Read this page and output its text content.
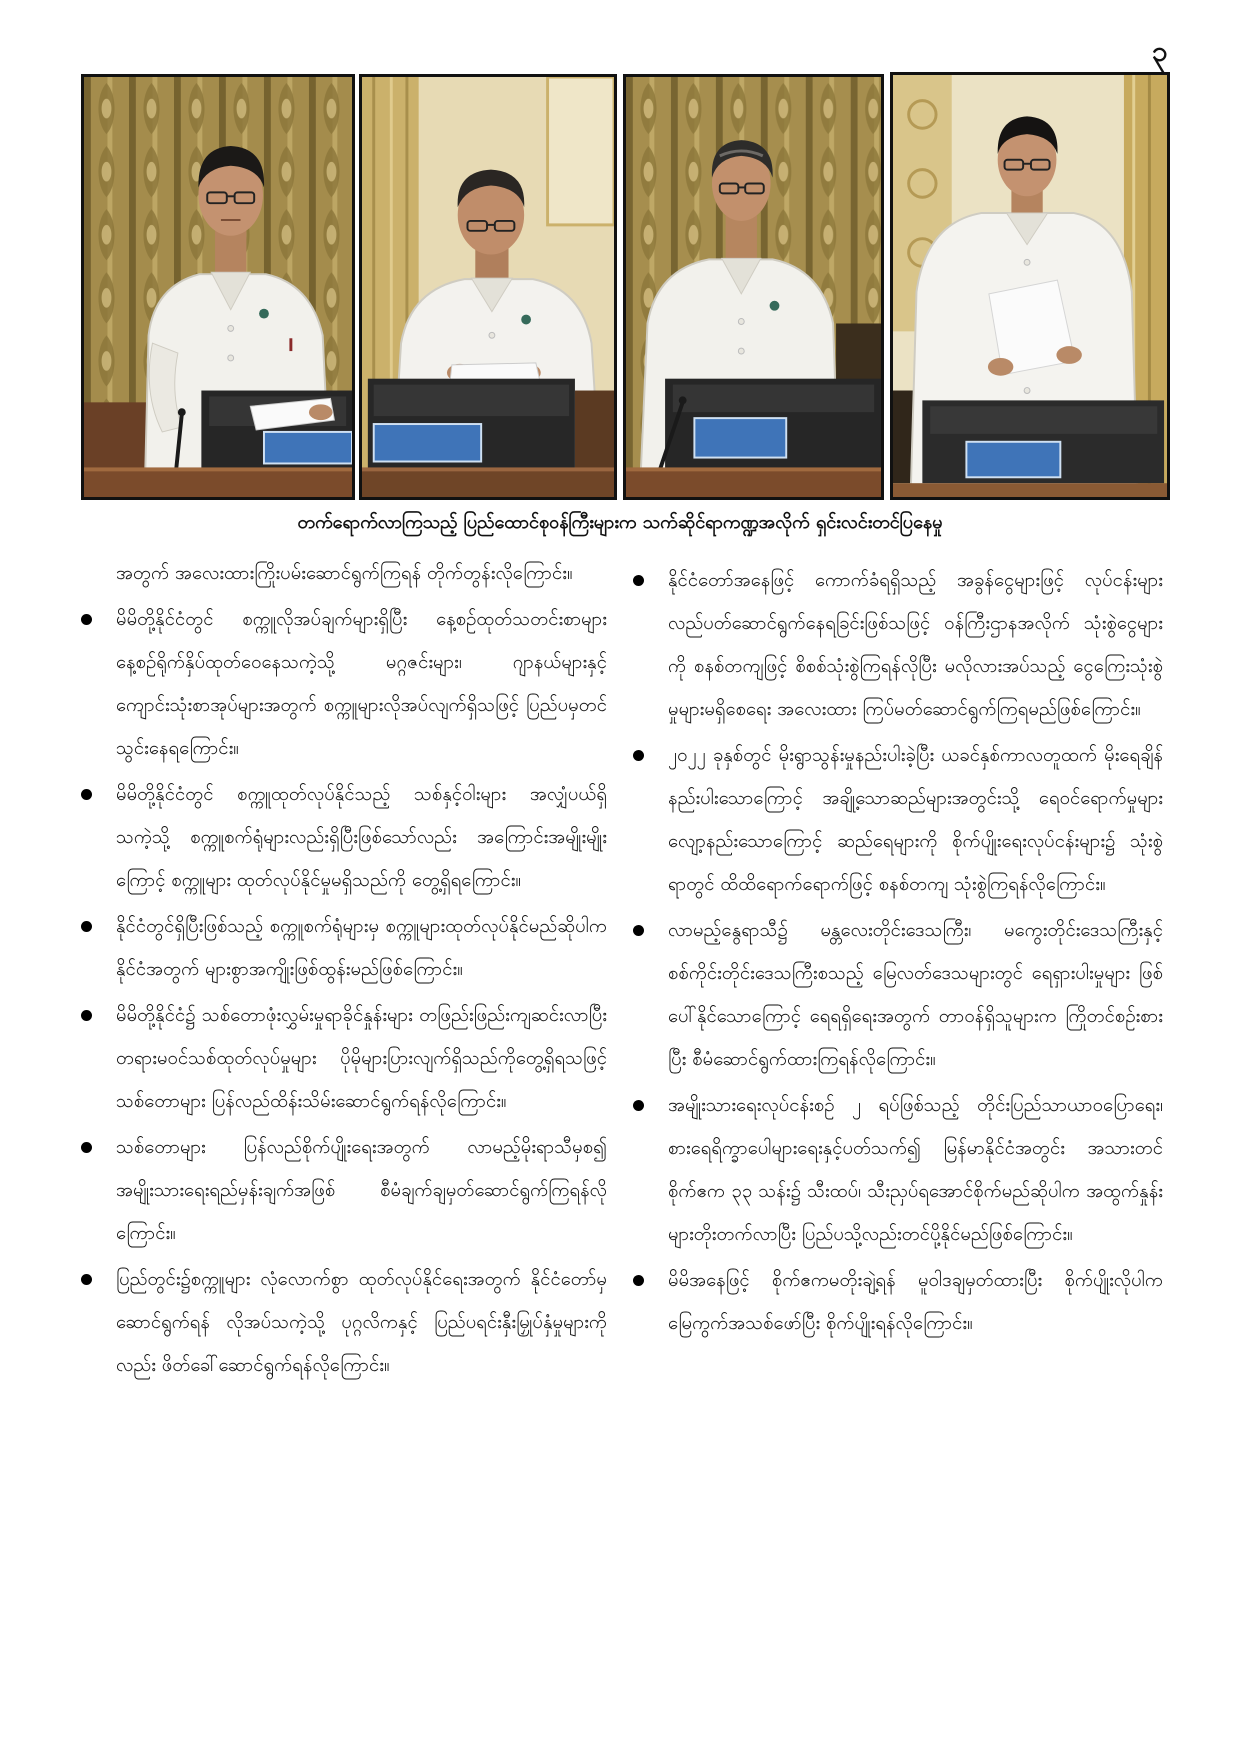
၃
တက်ရောက်လာကြသည့် ပြည်ထောင်စုဝန်ကြီးများက သက်ဆိုင်ရာကဏ္ဍအလိုက် ရှင်းလင်းတင်ပြနေမှု
အတွက် အလေးထားကြိုးပမ်းဆောင်ရွက်ကြရန် တိုက်တွန်းလိုကြောင်း။
မိမိတို့နိုင်ငံတွင် စက္ကူလိုအပ်ချက်များရှိပြီး နေ့စဉ်ထုတ်သတင်းစာများ နေ့စဉ်ရိုက်နှိပ်ထုတ်ဝေနေသကဲ့သို့ မဂ္ဂဇင်းများ၊ ဂျာနယ်များနှင့် ကျောင်းသုံးစာအုပ်များအတွက် စက္ကူများလိုအပ်လျက်ရှိသဖြင့် ပြည်ပမှတင်သွင်းနေရကြောင်း။
မိမိတို့နိုင်ငံတွင် စက္ကူထုတ်လုပ်နိုင်သည့် သစ်နှင့်ဝါးများ အလျှံပယ်ရှိသကဲ့သို့ စက္ကူစက်ရုံများလည်းရှိပြီးဖြစ်သော်လည်း အကြောင်းအမျိုးမျိုးကြောင့် စက္ကူများ ထုတ်လုပ်နိုင်မှုမရှိသည်ကို တွေ့ရှိရကြောင်း။
နိုင်ငံတွင်ရှိပြီးဖြစ်သည့် စက္ကူစက်ရုံများမှ စက္ကူများထုတ်လုပ်နိုင်မည်ဆိုပါက နိုင်ငံအတွက် များစွာအကျိုးဖြစ်ထွန်းမည်ဖြစ်ကြောင်း။
မိမိတို့နိုင်ငံ၌ သစ်တောဖုံးလွှမ်းမှုရာခိုင်နှုန်းများ တဖြည်းဖြည်းကျဆင်းလာပြီး တရားမဝင်သစ်ထုတ်လုပ်မှုများ ပိုမိုများပြားလျက်ရှိသည်ကိုတွေ့ရှိရသဖြင့် သစ်တောများ ပြန်လည်ထိန်းသိမ်းဆောင်ရွက်ရန်လိုကြောင်း။
သစ်တောများ ပြန်လည်စိုက်ပျိုးရေးအတွက် လာမည့်မိုးရာသီမှစ၍ အမျိုးသားရေးရည်မှန်းချက်အဖြစ် စီမံချက်ချမှတ်ဆောင်ရွက်ကြရန်လိုကြောင်း။
ပြည်တွင်း၌စက္ကူများ လုံလောက်စွာ ထုတ်လုပ်နိုင်ရေးအတွက် နိုင်ငံတော်မှ ဆောင်ရွက်ရန် လိုအပ်သကဲ့သို့ ပုဂ္ဂလိကနှင့် ပြည်ပရင်းနှီးမြှုပ်နှံမှုများကိုလည်း ဖိတ်ခေါ်ဆောင်ရွက်ရန်လိုကြောင်း။
နိုင်ငံတော်အနေဖြင့် ကောက်ခံရရှိသည့် အခွန်ငွေများဖြင့် လုပ်ငန်းများလည်ပတ်ဆောင်ရွက်နေရခြင်းဖြစ်သဖြင့် ဝန်ကြီးဌာနအလိုက် သုံးစွဲငွေများကို စနစ်တကျဖြင့် စိစစ်သုံးစွဲကြရန်လိုပြီး မလိုလားအပ်သည့် ငွေကြေးသုံးစွဲမှုများမရှိစေရေး အလေးထား ကြပ်မတ်ဆောင်ရွက်ကြရမည်ဖြစ်ကြောင်း။
၂၀၂၂ ခုနှစ်တွင် မိုးရွာသွန်းမှုနည်းပါးခဲ့ပြီး ယခင်နှစ်ကာလတူထက် မိုးရေချိန်နည်းပါးသောကြောင့် အချို့သောဆည်များအတွင်းသို့ ရေဝင်ရောက်မှုများ လျော့နည်းသောကြောင့် ဆည်ရေများကို စိုက်ပျိုးရေးလုပ်ငန်းများ၌ သုံးစွဲရာတွင် ထိထိရောက်ရောက်ဖြင့် စနစ်တကျ သုံးစွဲကြရန်လိုကြောင်း။
လာမည့်နွေရာသီ၌ မန္တလေးတိုင်းဒေသကြီး၊ မကွေးတိုင်းဒေသကြီးနှင့် စစ်ကိုင်းတိုင်းဒေသကြီးစသည့် မြေလတ်ဒေသများတွင် ရေရှားပါးမှုများ ဖြစ်ပေါ်နိုင်သောကြောင့် ရေရရှိရေးအတွက် တာဝန်ရှိသူများက ကြိုတင်စဉ်းစားပြီး စီမံဆောင်ရွက်ထားကြရန်လိုကြောင်း။
အမျိုးသားရေးလုပ်ငန်းစဉ် ၂ ရပ်ဖြစ်သည့် တိုင်းပြည်သာယာဝပြောရေး၊ စားရေရိက္ခာပေါများရေးနှင့်ပတ်သက်၍ မြန်မာနိုင်ငံအတွင်း အသားတင် စိုက်ဧက ၃၃ သန်း၌ သီးထပ်၊ သီးညှပ်ရအောင်စိုက်မည်ဆိုပါက အထွက်နှုန်းများတိုးတက်လာပြီး ပြည်ပသို့လည်းတင်ပို့နိုင်မည်ဖြစ်ကြောင်း။
မိမိအနေဖြင့် စိုက်ဧကမတိုးချဲ့ရန် မူဝါဒချမှတ်ထားပြီး စိုက်ပျိုးလိုပါက မြေကွက်အသစ်ဖော်ပြီး စိုက်ပျိုးရန်လိုကြောင်း။
